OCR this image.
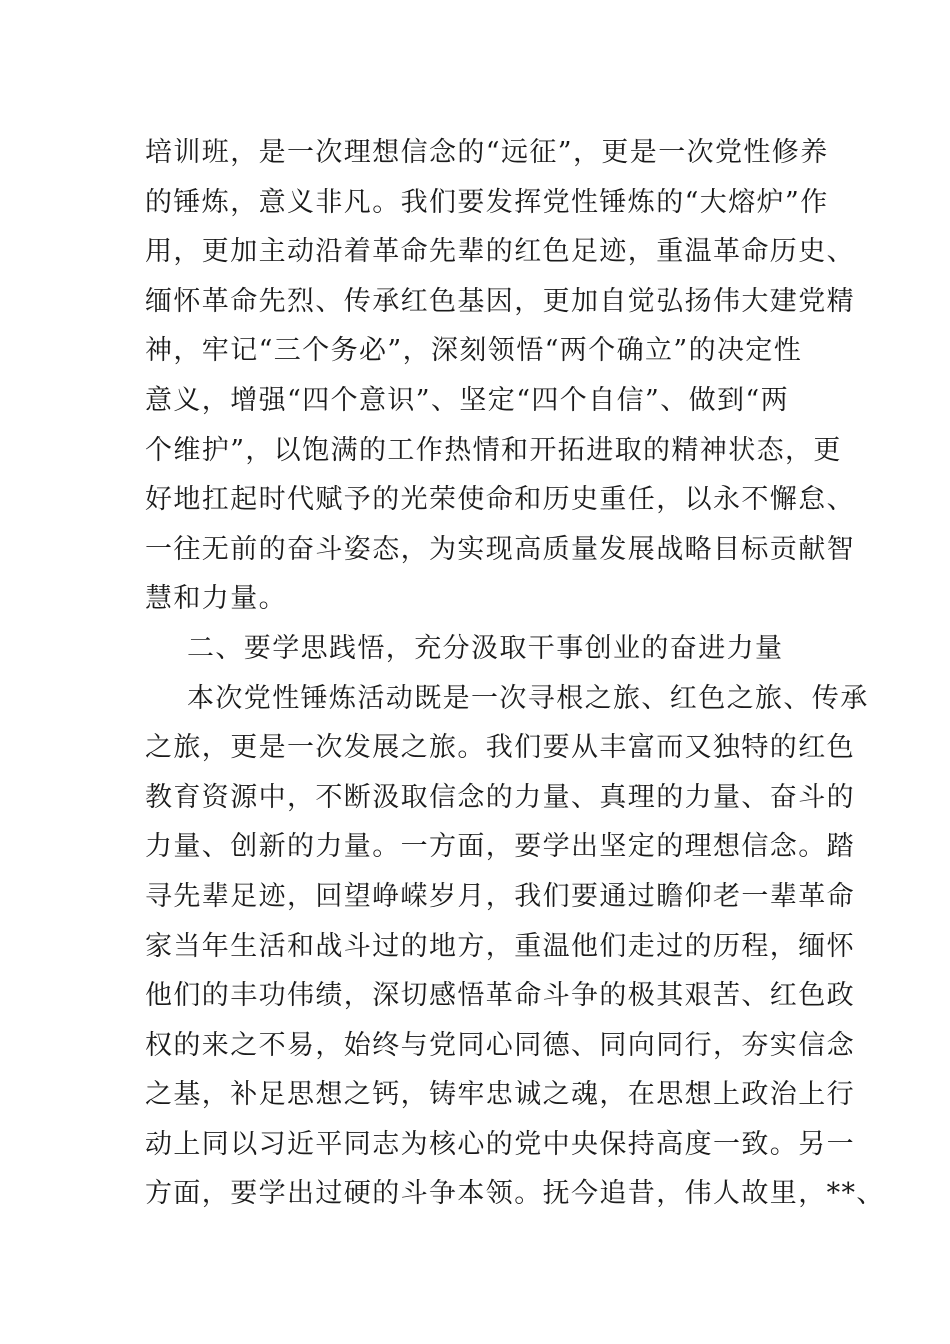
培训班，是一次理想信念的“远征”，更是一次党性修养
的锤炼，意义非凡。我们要发挥党性锤炼的“大熔炉”作
用，更加主动沿着革命先辈的红色足迹，重温革命历史、
缅怀革命先烈、传承红色基因，更加自觉弘扬伟大建党精
神，牢记“三个务必”，深刻领悟“两个确立”的决定性
意义，增强“四个意识”、坚定“四个自信”、做到“两
个维护”，以饱满的工作热情和开拓进取的精神状态，更
好地扛起时代赋予的光荣使命和历史重任，以永不懈怠、
一往无前的奋斗姿态，为实现高质量发展战略目标贡献智
慧和力量。
二、要学思践悟，充分汲取干事创业的奋进力量
本次党性锤炼活动既是一次寻根之旅、红色之旅、传承
之旅，更是一次发展之旅。我们要从丰富而又独特的红色
教育资源中，不断汲取信念的力量、真理的力量、奋斗的
力量、创新的力量。一方面，要学出坚定的理想信念。踏
寻先辈足迹，回望峥嵘岁月，我们要通过瞻仰老一辈革命
家当年生活和战斗过的地方，重温他们走过的历程，缅怀
他们的丰功伟绩，深切感悟革命斗争的极其艰苦、红色政
权的来之不易，始终与党同心同德、同向同行，夯实信念
之基，补足思想之钙，铸牢忠诚之魂，在思想上政治上行
动上同以习近平同志为核心的党中央保持高度一致。另一
方面，要学出过硬的斗争本领。抚今追昔，伟人故里，**、
